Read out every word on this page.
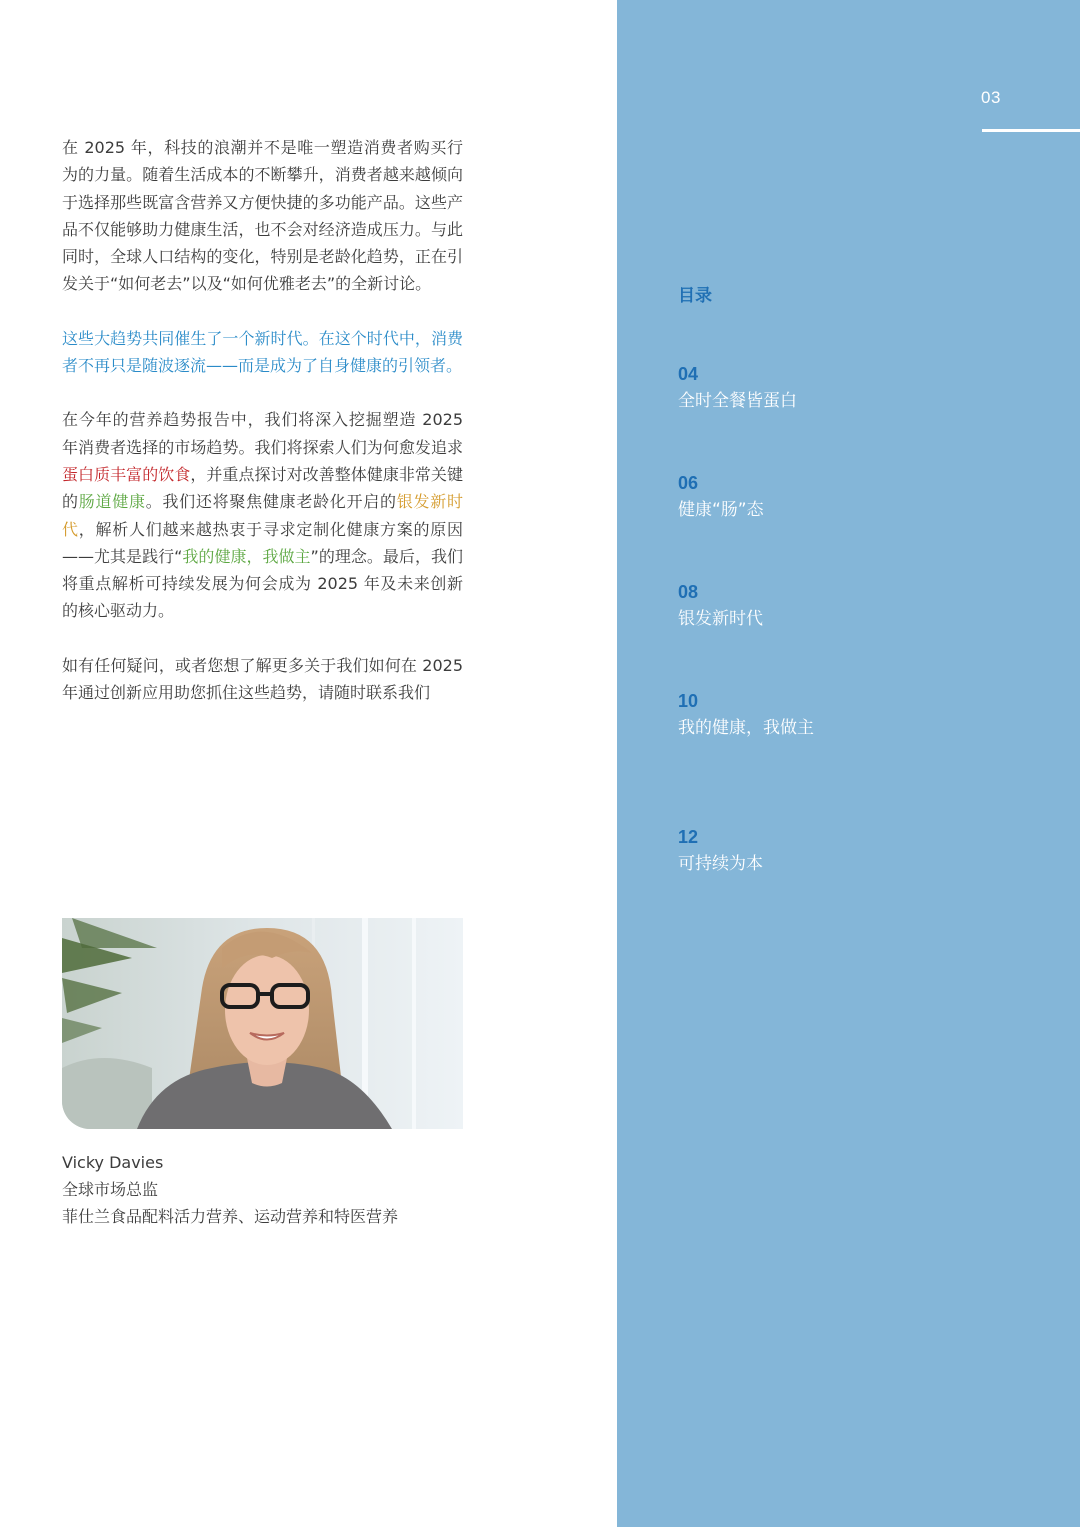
03
目录
04
全时全餐皆蛋白
06
健康“肠”态
08
银发新时代
10
我的健康，我做主
12
可持续为本

在 2025 年，科技的浪潮并不是唯一塑造消费者购买行为的力量。随着生活成本的不断攀升，消费者越来越倾向于选择那些既富含营养又方便快捷的多功能产品。这些产品不仅能够助力健康生活，也不会对经济造成压力。与此同时，全球人口结构的变化，特别是老龄化趋势，正在引发关于“如何老去”以及“如何优雅老去”的全新讨论。

这些大趋势共同催生了一个新时代。在这个时代中，消费者不再只是随波逐流——而是成为了自身健康的引领者。

在今年的营养趋势报告中，我们将深入挖掘塑造 2025 年消费者选择的市场趋势。我们将探索人们为何愈发追求蛋白质丰富的饮食，并重点探讨对改善整体健康非常关键的肠道健康。我们还将聚焦健康老龄化开启的银发新时代，解析人们越来越热衷于寻求定制化健康方案的原因——尤其是践行“我的健康，我做主”的理念。最后，我们将重点解析可持续发展为何会成为 2025 年及未来创新的核心驱动力。

如有任何疑问，或者您想了解更多关于我们如何在 2025 年通过创新应用助您抓住这些趋势，请随时联系我们

Vicky Davies
全球市场总监
菲仕兰食品配料活力营养、运动营养和特医营养
